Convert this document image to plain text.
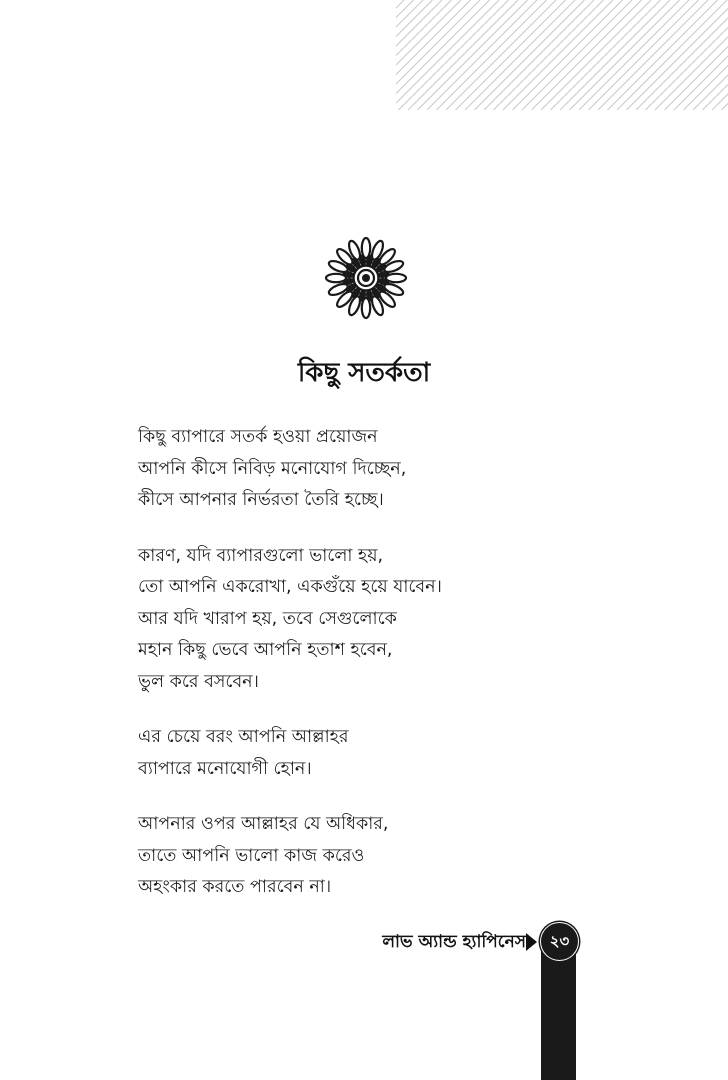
কিছু সতর্কতা
কিছু ব্যাপারে সতর্ক হওয়া প্রয়োজন
আপনি কীসে নিবিড় মনোযোগ দিচ্ছেন,
কীসে আপনার নির্ভরতা তৈরি হচ্ছে।
কারণ, যদি ব্যাপারগুলো ভালো হয়,
তো আপনি একরোখা, একগুঁয়ে হয়ে যাবেন।
আর যদি খারাপ হয়, তবে সেগুলোকে
মহান কিছু ভেবে আপনি হতাশ হবেন,
ভুল করে বসবেন।
এর চেয়ে বরং আপনি আল্লাহর
ব্যাপারে মনোযোগী হোন।
আপনার ওপর আল্লাহর যে অধিকার,
তাতে আপনি ভালো কাজ করেও
অহংকার করতে পারবেন না।
লাভ অ্যান্ড হ্যাপিনেস	২৩
